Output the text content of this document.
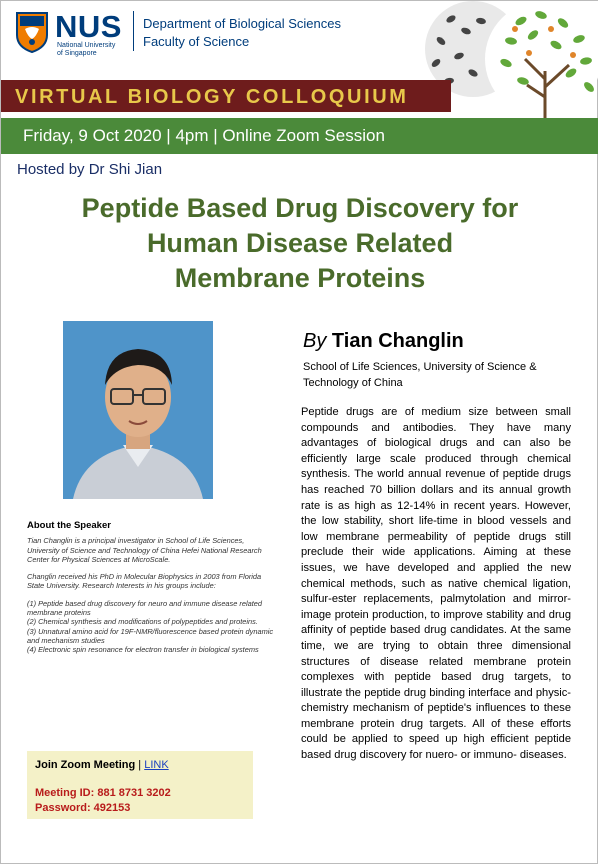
NUS
National University
of Singapore
Department of Biological Sciences
Faculty of Science
VIRTUAL BIOLOGY COLLOQUIUM
Friday, 9 Oct 2020 | 4pm | Online Zoom Session
Hosted by Dr Shi Jian
Peptide Based Drug Discovery for
Human Disease Related
Membrane Proteins
About the Speaker

Tian Changlin is a principal investigator in School of Life Sciences, University of Science and Technology of China Hefei National Research Center for Physical Sciences at MicroScale.

Changlin received his PhD in Molecular Biophysics in 2003 from Florida State University. Research Interests in his groups include:

(1) Peptide based drug discovery for neuro and immune disease related membrane proteins
(2) Chemical synthesis and modifications of polypeptides and proteins.
(3) Unnatural amino acid for 19F-NMR/fluorescence based protein dynamic and mechanism studies
(4) Electronic spin resonance for electron transfer in biological systems
Join Zoom Meeting | LINK
Meeting ID: 881 8731 3202
Password: 492153
By Tian Changlin
School of Life Sciences, University of Science & Technology of China
Peptide drugs are of medium size between small compounds and antibodies. They have many advantages of biological drugs and can also be efficiently large scale produced through chemical synthesis. The world annual revenue of peptide drugs has reached 70 billion dollars and its annual growth rate is as high as 12-14% in recent years. However, the low stability, short life-time in blood vessels and low membrane permeability of peptide drugs still preclude their wide applications. Aiming at these issues, we have developed and applied the new chemical methods, such as native chemical ligation, sulfur-ester replacements, palmytolation and mirror-image protein production, to improve stability and drug affinity of peptide based drug candidates. At the same time, we are trying to obtain three dimensional structures of disease related membrane protein complexes with peptide based drug targets, to illustrate the peptide drug binding interface and physic-chemistry mechanism of peptide's influences to these membrane protein drug targets. All of these efforts could be applied to speed up high efficient peptide based drug discovery for nuero- or immuno- diseases.
